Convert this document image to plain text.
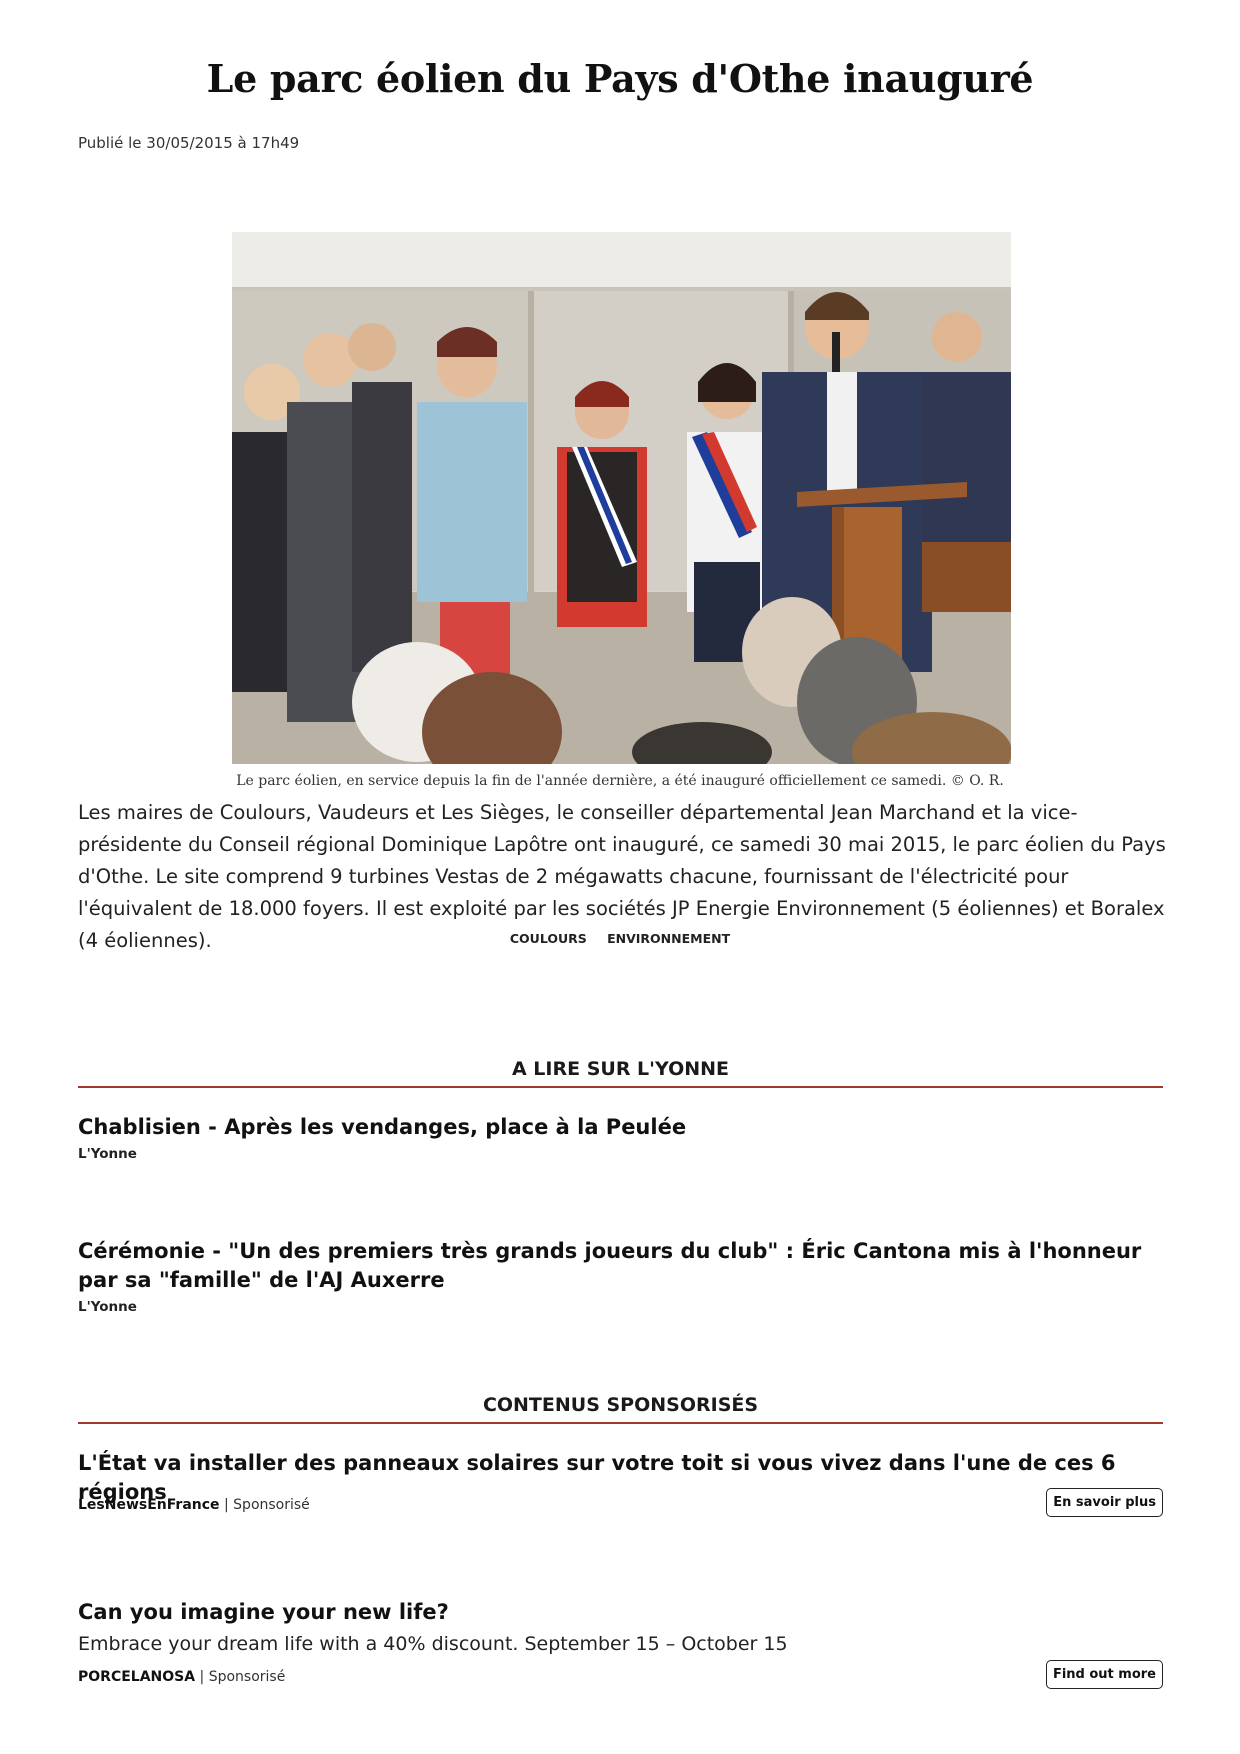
Le parc éolien du Pays d'Othe inauguré
Publié le 30/05/2015 à 17h49
Le parc éolien, en service depuis la fin de l'année dernière, a été inauguré officiellement ce samedi. © O. R.

Les maires de Coulours, Vaudeurs et Les Sièges, le conseiller départemental Jean Marchand et la vice-présidente du Conseil régional Dominique Lapôtre ont inauguré, ce samedi 30 mai 2015, le parc éolien du Pays d'Othe. Le site comprend 9 turbines Vestas de 2 mégawatts chacune, fournissant de l'électricité pour l'équivalent de 18.000 foyers. Il est exploité par les sociétés JP Energie Environnement (5 éoliennes) et Boralex (4 éoliennes).	COULOURS ENVIRONNEMENT
A LIRE SUR L'YONNE
Chablisien - Après les vendanges, place à la Peulée
L'Yonne
Cérémonie - "Un des premiers très grands joueurs du club" : Éric Cantona mis à l'honneur par sa "famille" de l'AJ Auxerre
L'Yonne
CONTENUS SPONSORISÉS
L'État va installer des panneaux solaires sur votre toit si vous vivez dans l'une de ces 6 régions
LesNewsEnFrance | Sponsorisé	En savoir plus
Can you imagine your new life?
Embrace your dream life with a 40% discount. September 15 – October 15
PORCELANOSA | Sponsorisé	Find out more
